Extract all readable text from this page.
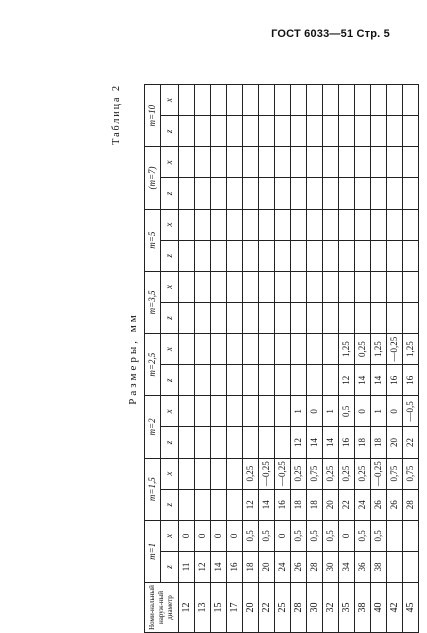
ГОСТ 6033—51 Стр. 5
Таблица 2
Размеры, мм
Номи-нальный наруж-ный диаметр	m=1		m=1,5		m=2		m=2,5		m=3,5		m=5		(m=7)		m=10	
	z	x	z	x	z	x	z	x	z	x	z	x	z	x	z	x
12	11	0														
13	12	0														
15	14	0														
17	16	0														
20	18	0,5	12	0,25												
22	20	0,5	14	—0,25												
25	24	0	16	—0,25												
28	26	0,5	18	0,25	12	1										
30	28	0,5	18	0,75	14	0										
32	30	0,5	20	0,25	14	1										
35	34	0	22	0,25	16	0,5	12	1,25								
38	36	0,5	24	0,25	18	0	14	0,25								
40	38	0,5	26	—0,25	18	1	14	1,25								
42			26	0,75	20	0	16	—0,25								
45			28	0,75	22	—0,5	16	1,25								
